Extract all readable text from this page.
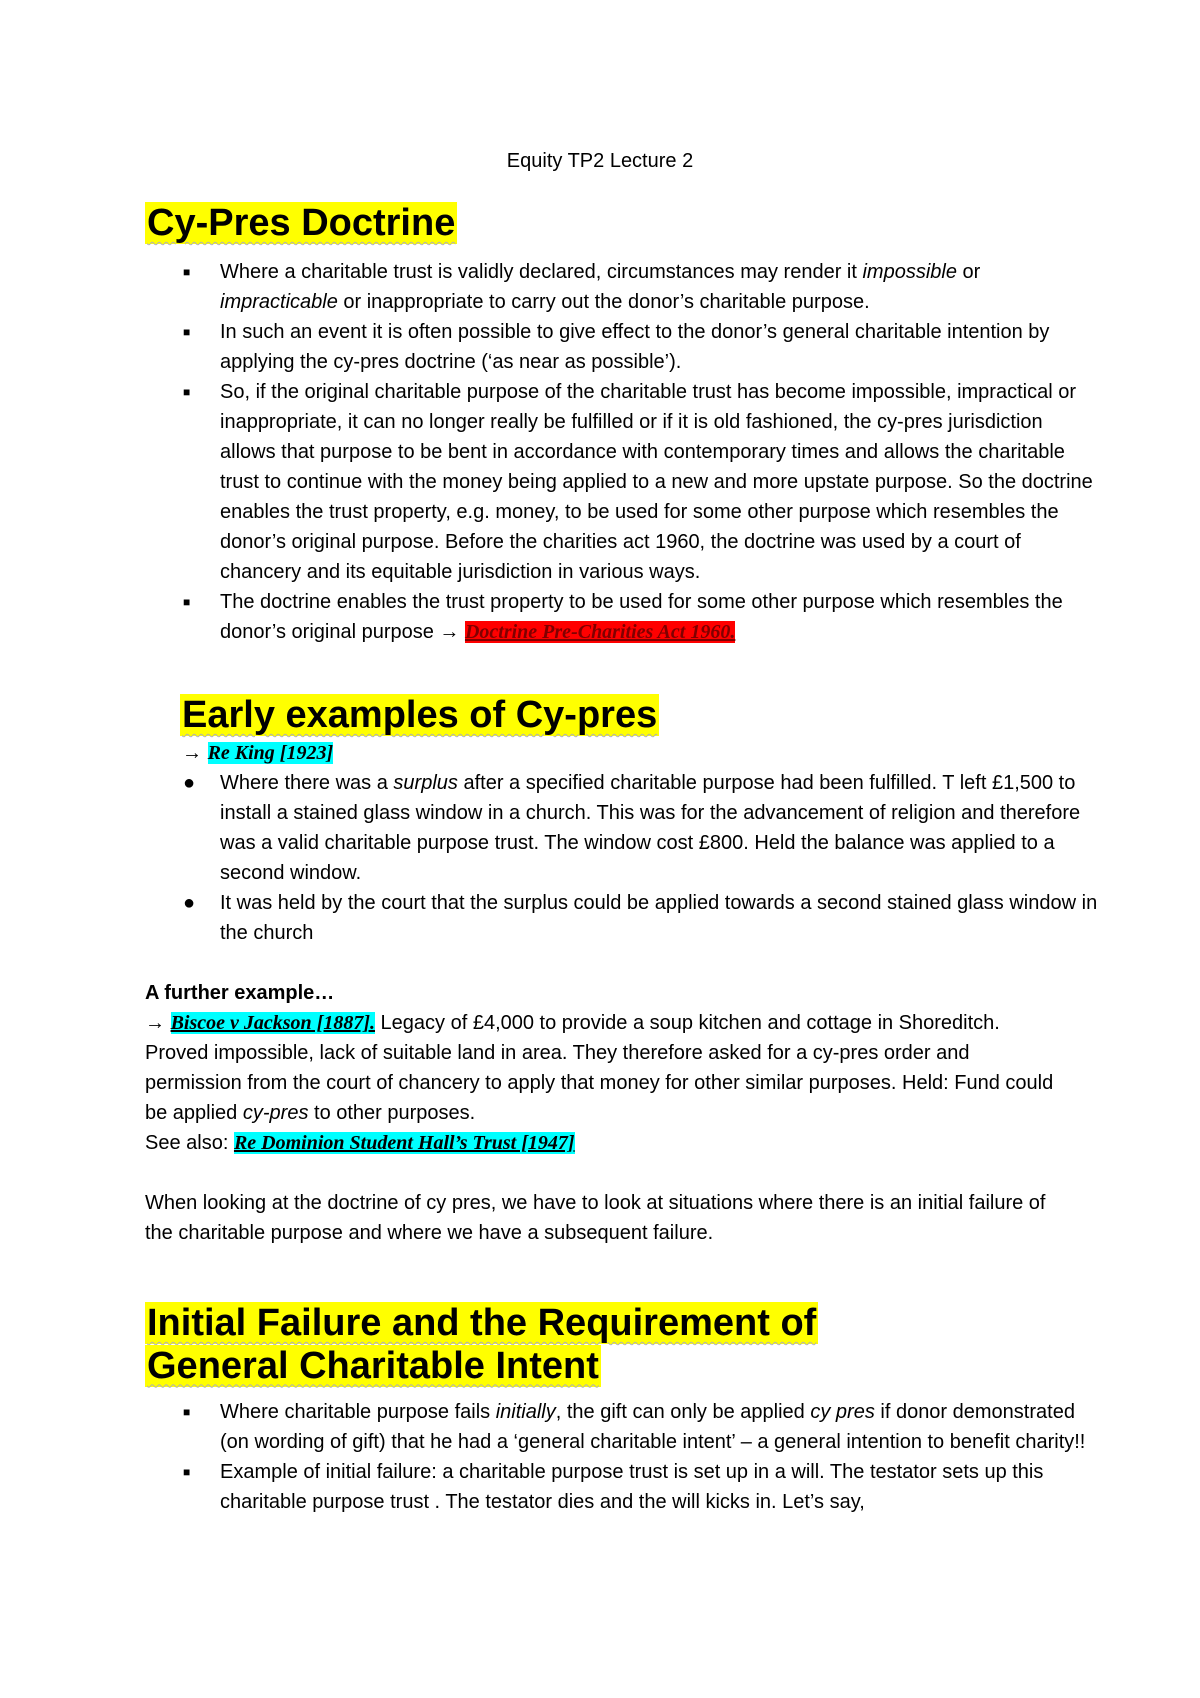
Equity TP2 Lecture 2
Cy-Pres Doctrine
■ Where a charitable trust is validly declared, circumstances may render it impossible or impracticable or inappropriate to carry out the donor’s charitable purpose.
■ In such an event it is often possible to give effect to the donor’s general charitable intention by applying the cy-pres doctrine (‘as near as possible’).
■ So, if the original charitable purpose of the charitable trust has become impossible, impractical or inappropriate, it can no longer really be fulfilled or if it is old fashioned, the cy-pres jurisdiction allows that purpose to be bent in accordance with contemporary times and allows the charitable trust to continue with the money being applied to a new and more upstate purpose. So the doctrine enables the trust property, e.g. money, to be used for some other purpose which resembles the donor’s original purpose. Before the charities act 1960, the doctrine was used by a court of chancery and its equitable jurisdiction in various ways.
■ The doctrine enables the trust property to be used for some other purpose which resembles the donor’s original purpose → Doctrine Pre-Charities Act 1960.
Early examples of Cy-pres
→ Re King [1923]
● Where there was a surplus after a specified charitable purpose had been fulfilled. T left £1,500 to install a stained glass window in a church. This was for the advancement of religion and therefore was a valid charitable purpose trust. The window cost £800. Held the balance was applied to a second window.
● It was held by the court that the surplus could be applied towards a second stained glass window in the church
A further example…
→ Biscoe v Jackson [1887]. Legacy of £4,000 to provide a soup kitchen and cottage in Shoreditch. Proved impossible, lack of suitable land in area. They therefore asked for a cy-pres order and permission from the court of chancery to apply that money for other similar purposes. Held: Fund could be applied cy-pres to other purposes.
See also: Re Dominion Student Hall’s Trust [1947]
When looking at the doctrine of cy pres, we have to look at situations where there is an initial failure of the charitable purpose and where we have a subsequent failure.
Initial Failure and the Requirement of
General Charitable Intent
■ Where charitable purpose fails initially, the gift can only be applied cy pres if donor demonstrated (on wording of gift) that he had a ‘general charitable intent’ – a general intention to benefit charity!!
■ Example of initial failure: a charitable purpose trust is set up in a will. The testator sets up this charitable purpose trust . The testator dies and the will kicks in. Let’s say,
